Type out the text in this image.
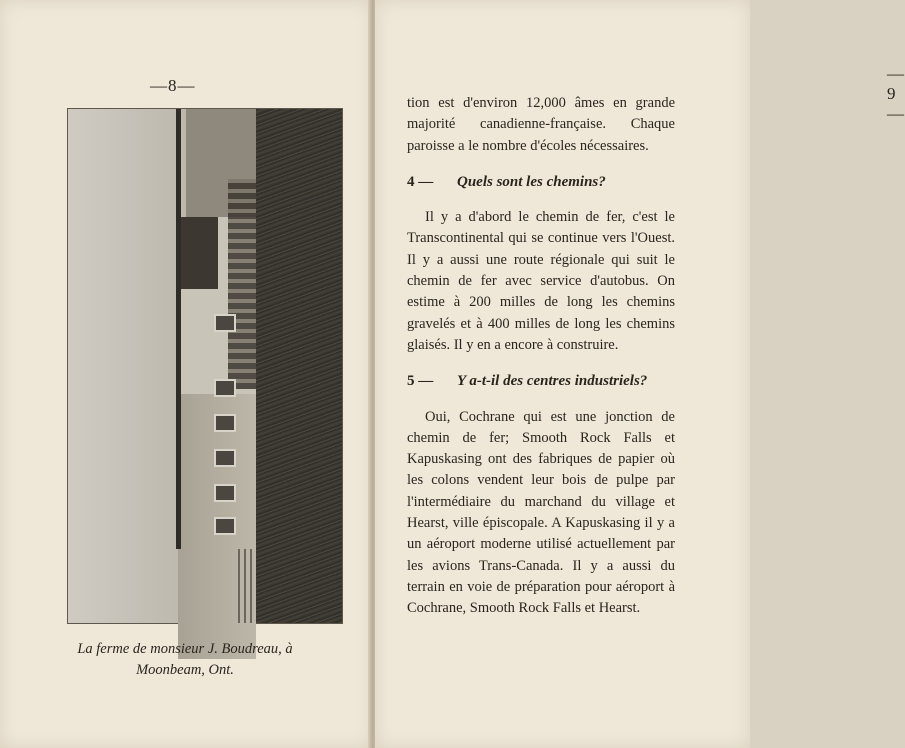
—8—
La ferme de monsieur J. Boudreau, à
Moonbeam, Ont.
—9—

tion est d'environ 12,000 âmes en grande majorité canadienne-française. Chaque paroisse a le nombre d'écoles nécessaires.

4 —	Quels sont les chemins?

Il y a d'abord le chemin de fer, c'est le Transcontinental qui se continue vers l'Ouest. Il y a aussi une route régionale qui suit le chemin de fer avec service d'autobus. On estime à 200 milles de long les chemins gravelés et à 400 milles de long les chemins glaisés. Il y en a encore à construire.

5 —	Y a-t-il des centres industriels?

Oui, Cochrane qui est une jonction de chemin de fer; Smooth Rock Falls et Kapuskasing ont des fabriques de papier où les colons vendent leur bois de pulpe par l'intermédiaire du marchand du village et Hearst, ville épiscopale. A Kapuskasing il y a un aéroport moderne utilisé actuellement par les avions Trans-Canada. Il y a aussi du terrain en voie de préparation pour aéroport à Cochrane, Smooth Rock Falls et Hearst.
